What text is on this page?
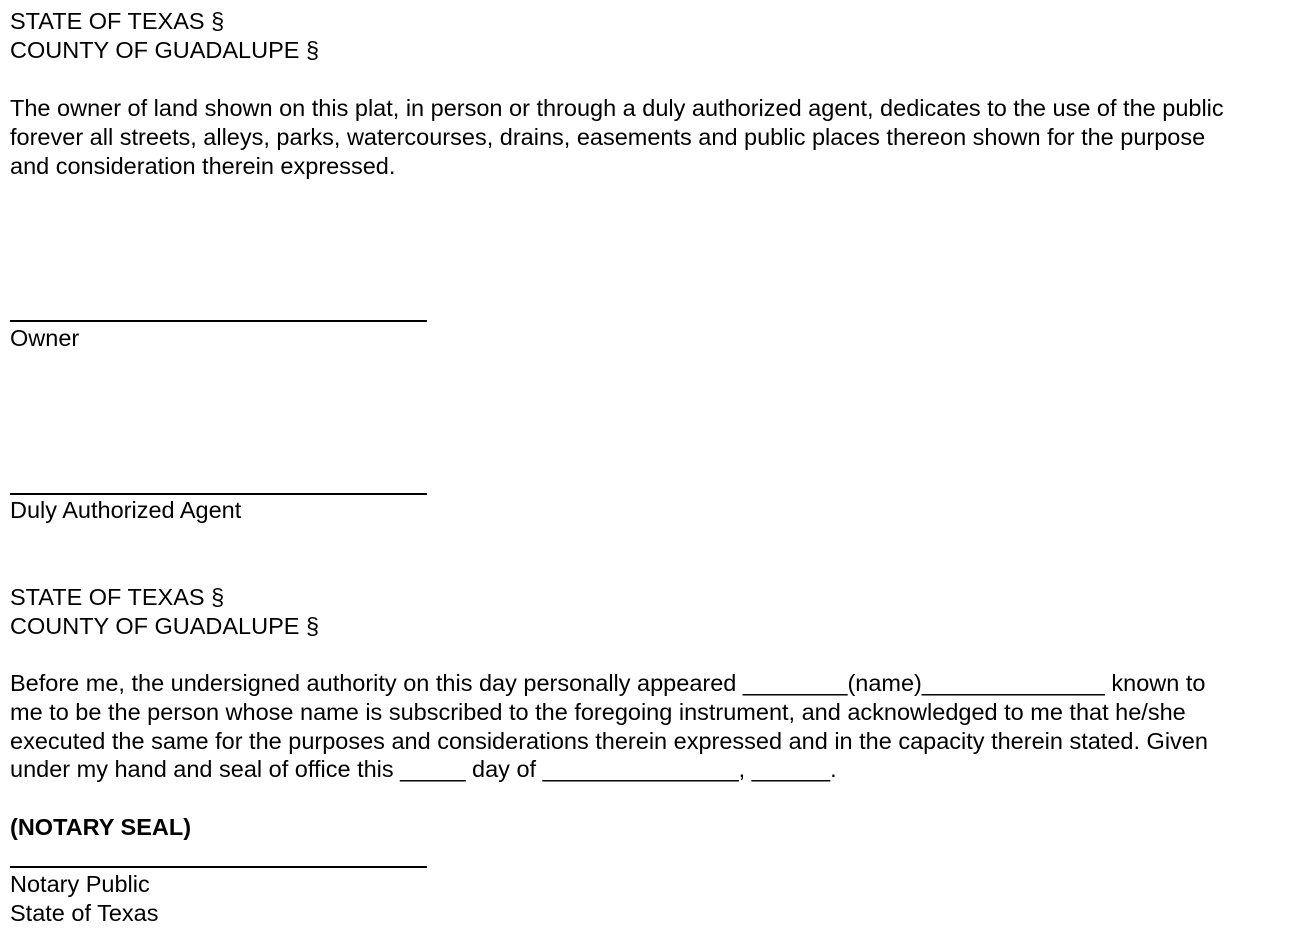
STATE OF TEXAS §
COUNTY OF GUADALUPE §
The owner of land shown on this plat, in person or through a duly authorized agent, dedicates to the use of the public
forever all streets, alleys, parks, watercourses, drains, easements and public places thereon shown for the purpose
and consideration therein expressed.
Owner
Duly Authorized Agent
STATE OF TEXAS §
COUNTY OF GUADALUPE §
Before me, the undersigned authority on this day personally appeared ________(name)______________ known to
me to be the person whose name is subscribed to the foregoing instrument, and acknowledged to me that he/she
executed the same for the purposes and considerations therein expressed and in the capacity therein stated. Given
under my hand and seal of office this _____ day of _______________, ______.
(NOTARY SEAL)
Notary Public
State of Texas
